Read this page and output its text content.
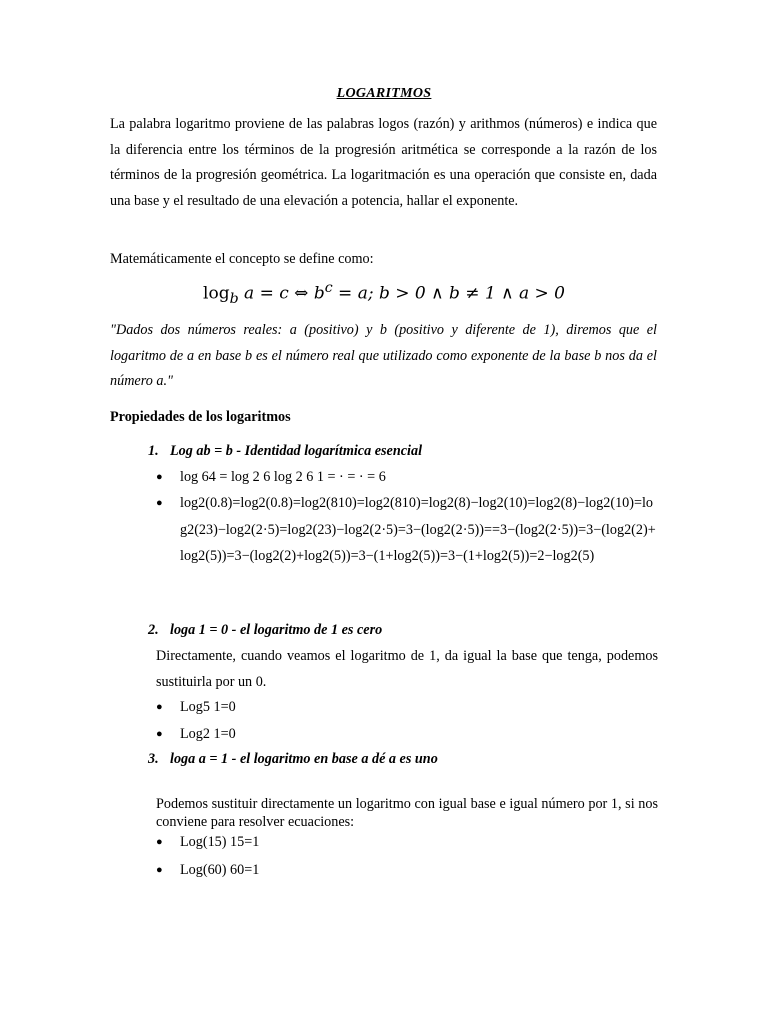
LOGARITMOS
La palabra logaritmo proviene de las palabras logos (razón) y arithmos (números) e indica que la diferencia entre los términos de la progresión aritmética se corresponde a la razón de los términos de la progresión geométrica. La logaritmación es una operación que consiste en, dada una base y el resultado de una elevación a potencia, hallar el exponente.
Matemáticamente el concepto se define como:
$\log_b a = c$ ⇔ $b^c = a$; b > 0 ∧ b ≠ 1 ∧ a > 0
"Dados dos números reales: a (positivo) y b (positivo y diferente de 1), diremos que el logaritmo de a en base b es el número real que utilizado como exponente de la base b nos da el número a."
Propiedades de los logaritmos
1. Log ab = b - Identidad logarítmica esencial
● log 64 = log 2 6 log 2 6 1 = · = · = 6
● log2(0.8)=log2(0.8)=log2(810)=log2(810)=log2(8)−log2(10)=log2(8)−log2(10)=log2(23)−log2(2·5)=log2(23)−log2(2·5)=3−(log2(2·5))==3−(log2(2·5))=3−(log2(2)+log2(5))=3−(log2(2)+log2(5))=3−(1+log2(5))=3−(1+log2(5))=2−log2(5)
2. loga 1 = 0 - el logaritmo de 1 es cero
Directamente, cuando veamos el logaritmo de 1, da igual la base que tenga, podemos sustituirla por un 0.
● Log5 1=0
● Log2 1=0
3. loga a = 1 - el logaritmo en base a dé a es uno
Podemos sustituir directamente un logaritmo con igual base e igual número por 1, si nos conviene para resolver ecuaciones:
● Log(15) 15=1
● Log(60) 60=1
